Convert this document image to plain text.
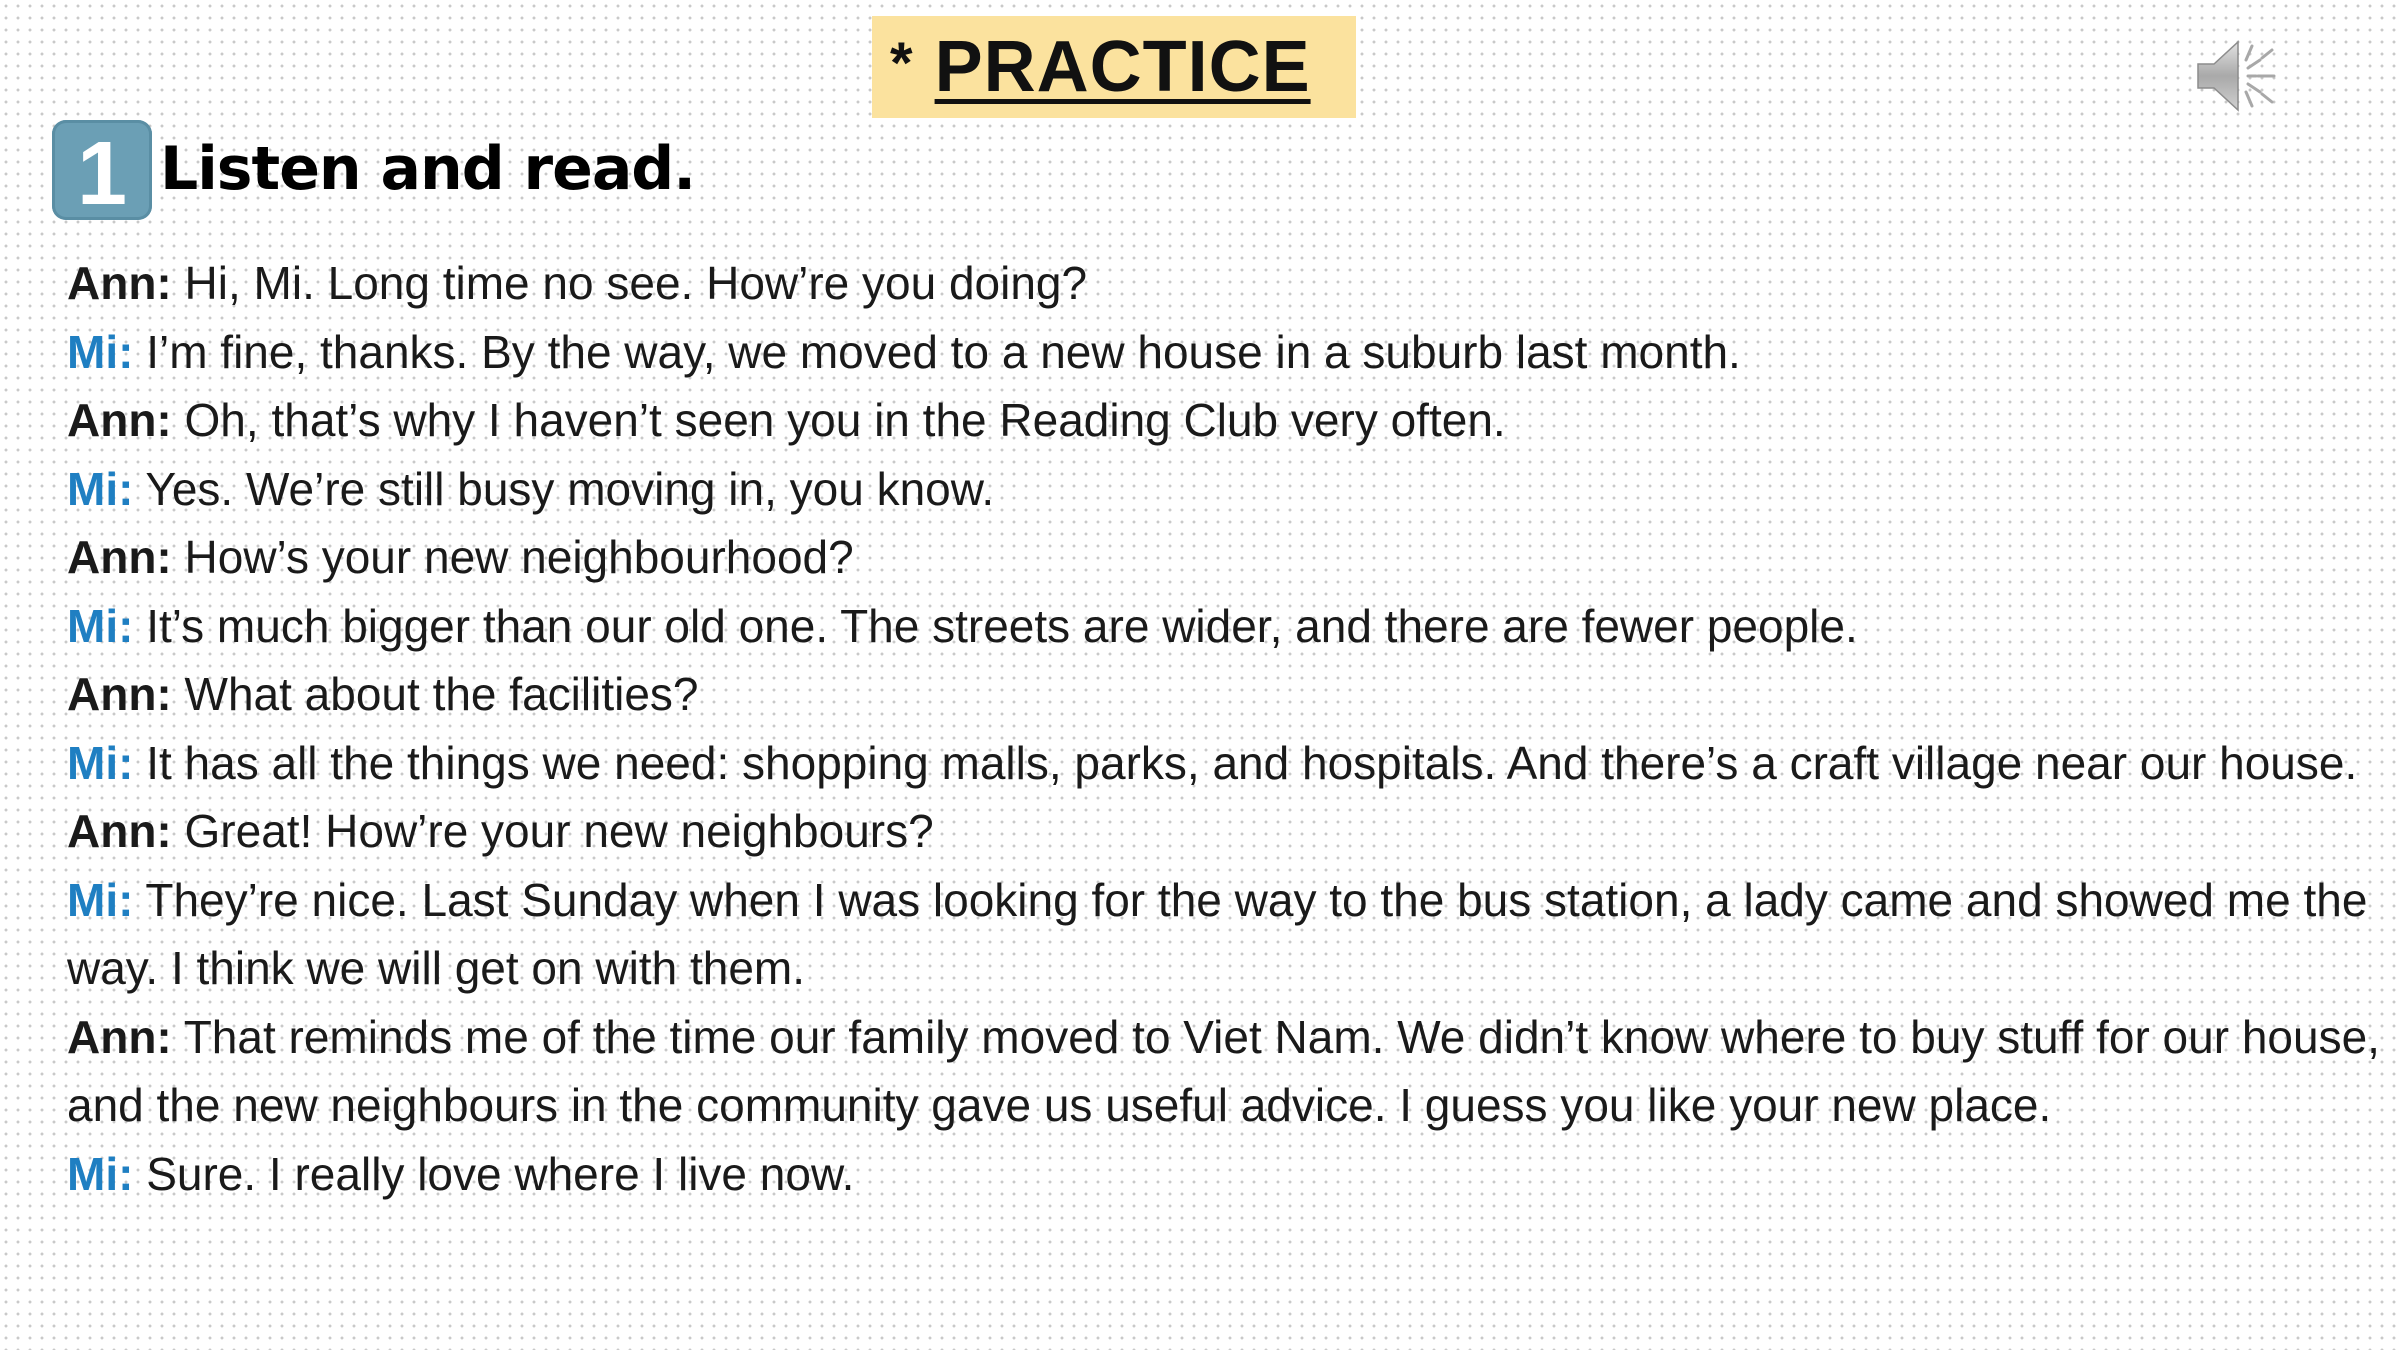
* PRACTICE
1 Listen and read.

Ann: Hi, Mi. Long time no see. How’re you doing?

Mi: I’m fine, thanks. By the way, we moved to a new house in a suburb last month.

Ann: Oh, that’s why I haven’t seen you in the Reading Club very often.

Mi: Yes. We’re still busy moving in, you know.

Ann: How’s your new neighbourhood?

Mi: It’s much bigger than our old one. The streets are wider, and there are fewer people.

Ann: What about the facilities?

Mi: It has all the things we need: shopping malls, parks, and hospitals. And there’s a craft village near our house.

Ann: Great! How’re your new neighbours?

Mi: They’re nice. Last Sunday when I was looking for the way to the bus station, a lady came and showed me the way. I think we will get on with them.

Ann: That reminds me of the time our family moved to Viet Nam. We didn’t know where to buy stuff for our house, and the new neighbours in the community gave us useful advice. I guess you like your new place.

Mi: Sure. I really love where I live now.
